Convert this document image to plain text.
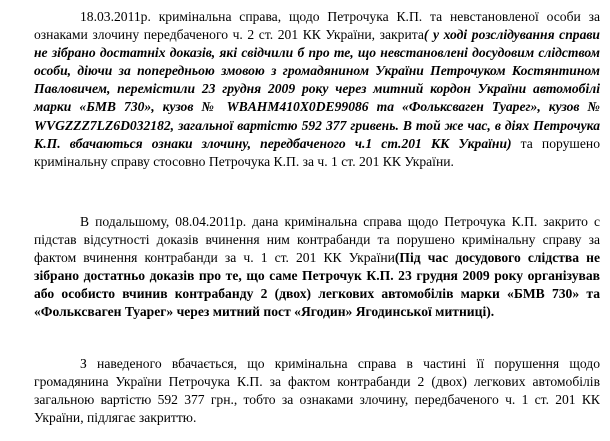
18.03.2011р. кримінальна справа, щодо Петрочука К.П. та невстановленої особи за ознаками злочину передбаченого ч. 2 ст. 201 КК України, закрита( у ході розслідування справи не зібрано достатніх доказів, які свідчили б про те, що невстановлені досудовим слідством особи, діючи за попередньою змовою з громадянином України Петрочуком Костянтином Павловичем, перемістили 23 грудня 2009 року через митний кордон України автомобілі марки «БМВ 730», кузов № WBAHM410X0DE99086 та «Фольксваген Туарег», кузов № WVGZZZ7LZ6D032182, загальної вартістю 592 377 гривень. В той же час, в діях Петрочука К.П. вбачаються ознаки злочину, передбаченого ч.1 ст.201 КК України) та порушено кримінальну справу стосовно Петрочука К.П. за ч. 1 ст. 201 КК України.

В подальшому, 08.04.2011р. дана кримінальна справа щодо Петрочука К.П. закрито с підстав відсутності доказів вчинення ним контрабанди та порушено кримінальну справу за фактом вчинення контрабанди за ч. 1 ст. 201 КК України(Під час досудового слідства не зібрано достатньо доказів про те, що саме Петрочук К.П. 23 грудня 2009 року організував або особисто вчинив контрабанду 2 (двох) легкових автомобілів марки «БМВ 730» та «Фольксваген Туарег» через митний пост «Ягодин» Ягодинської митниці).

З наведеного вбачається, що кримінальна справа в частині її порушення щодо громадянина України Петрочука К.П. за фактом контрабанди 2 (двох) легкових автомобілів загальною вартістю 592 377 грн., тобто за ознаками злочину, передбаченого ч. 1 ст. 201 КК України, підлягає закриттю.
